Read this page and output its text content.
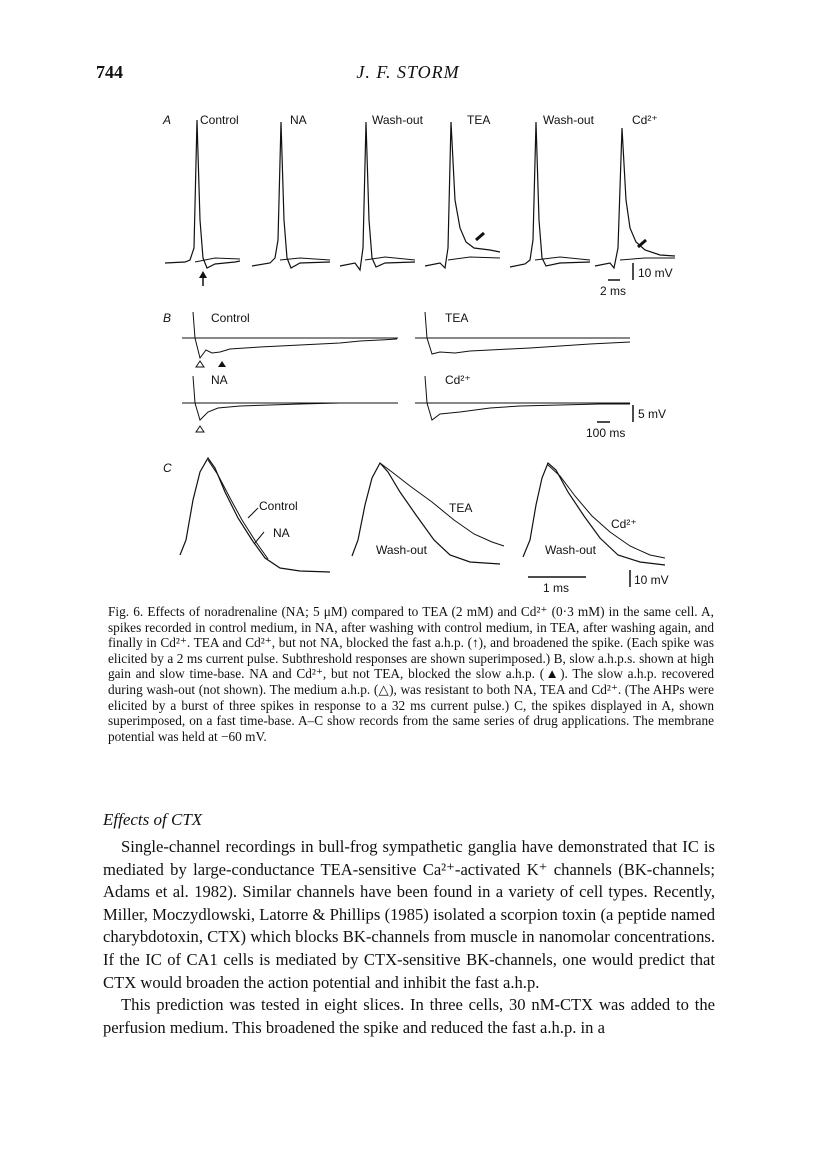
744	J. F. STORM
A Control	NA	Wash-out	TEA	Wash-out	Cd²⁺
10 mV
2 ms
B	Control	TEA
NA	Cd²⁺
5 mV
100 ms
C
Control
NA
TEA
Wash-out
Cd²⁺
Wash-out
1 ms
10 mV

Fig. 6. Effects of noradrenaline (NA; 5 μM) compared to TEA (2 mM) and Cd²⁺ (0·3 mM) in the same cell. A, spikes recorded in control medium, in NA, after washing with control medium, in TEA, after washing again, and finally in Cd²⁺. TEA and Cd²⁺, but not NA, blocked the fast a.h.p. (↑), and broadened the spike. (Each spike was elicited by a 2 ms current pulse. Subthreshold responses are shown superimposed.) B, slow a.h.p.s. shown at high gain and slow time-base. NA and Cd²⁺, but not TEA, blocked the slow a.h.p. (▲). The slow a.h.p. recovered during wash-out (not shown). The medium a.h.p. (△), was resistant to both NA, TEA and Cd²⁺. (The AHPs were elicited by a burst of three spikes in response to a 32 ms current pulse.) C, the spikes displayed in A, shown superimposed, on a fast time-base. A–C show records from the same series of drug applications. The membrane potential was held at −60 mV.

Effects of CTX

Single-channel recordings in bull-frog sympathetic ganglia have demonstrated that IC is mediated by large-conductance TEA-sensitive Ca²⁺-activated K⁺ channels (BK-channels; Adams et al. 1982). Similar channels have been found in a variety of cell types. Recently, Miller, Moczydlowski, Latorre & Phillips (1985) isolated a scorpion toxin (a peptide named charybdotoxin, CTX) which blocks BK-channels from muscle in nanomolar concentrations. If the IC of CA1 cells is mediated by CTX-sensitive BK-channels, one would predict that CTX would broaden the action potential and inhibit the fast a.h.p.

This prediction was tested in eight slices. In three cells, 30 nM-CTX was added to the perfusion medium. This broadened the spike and reduced the fast a.h.p. in a
